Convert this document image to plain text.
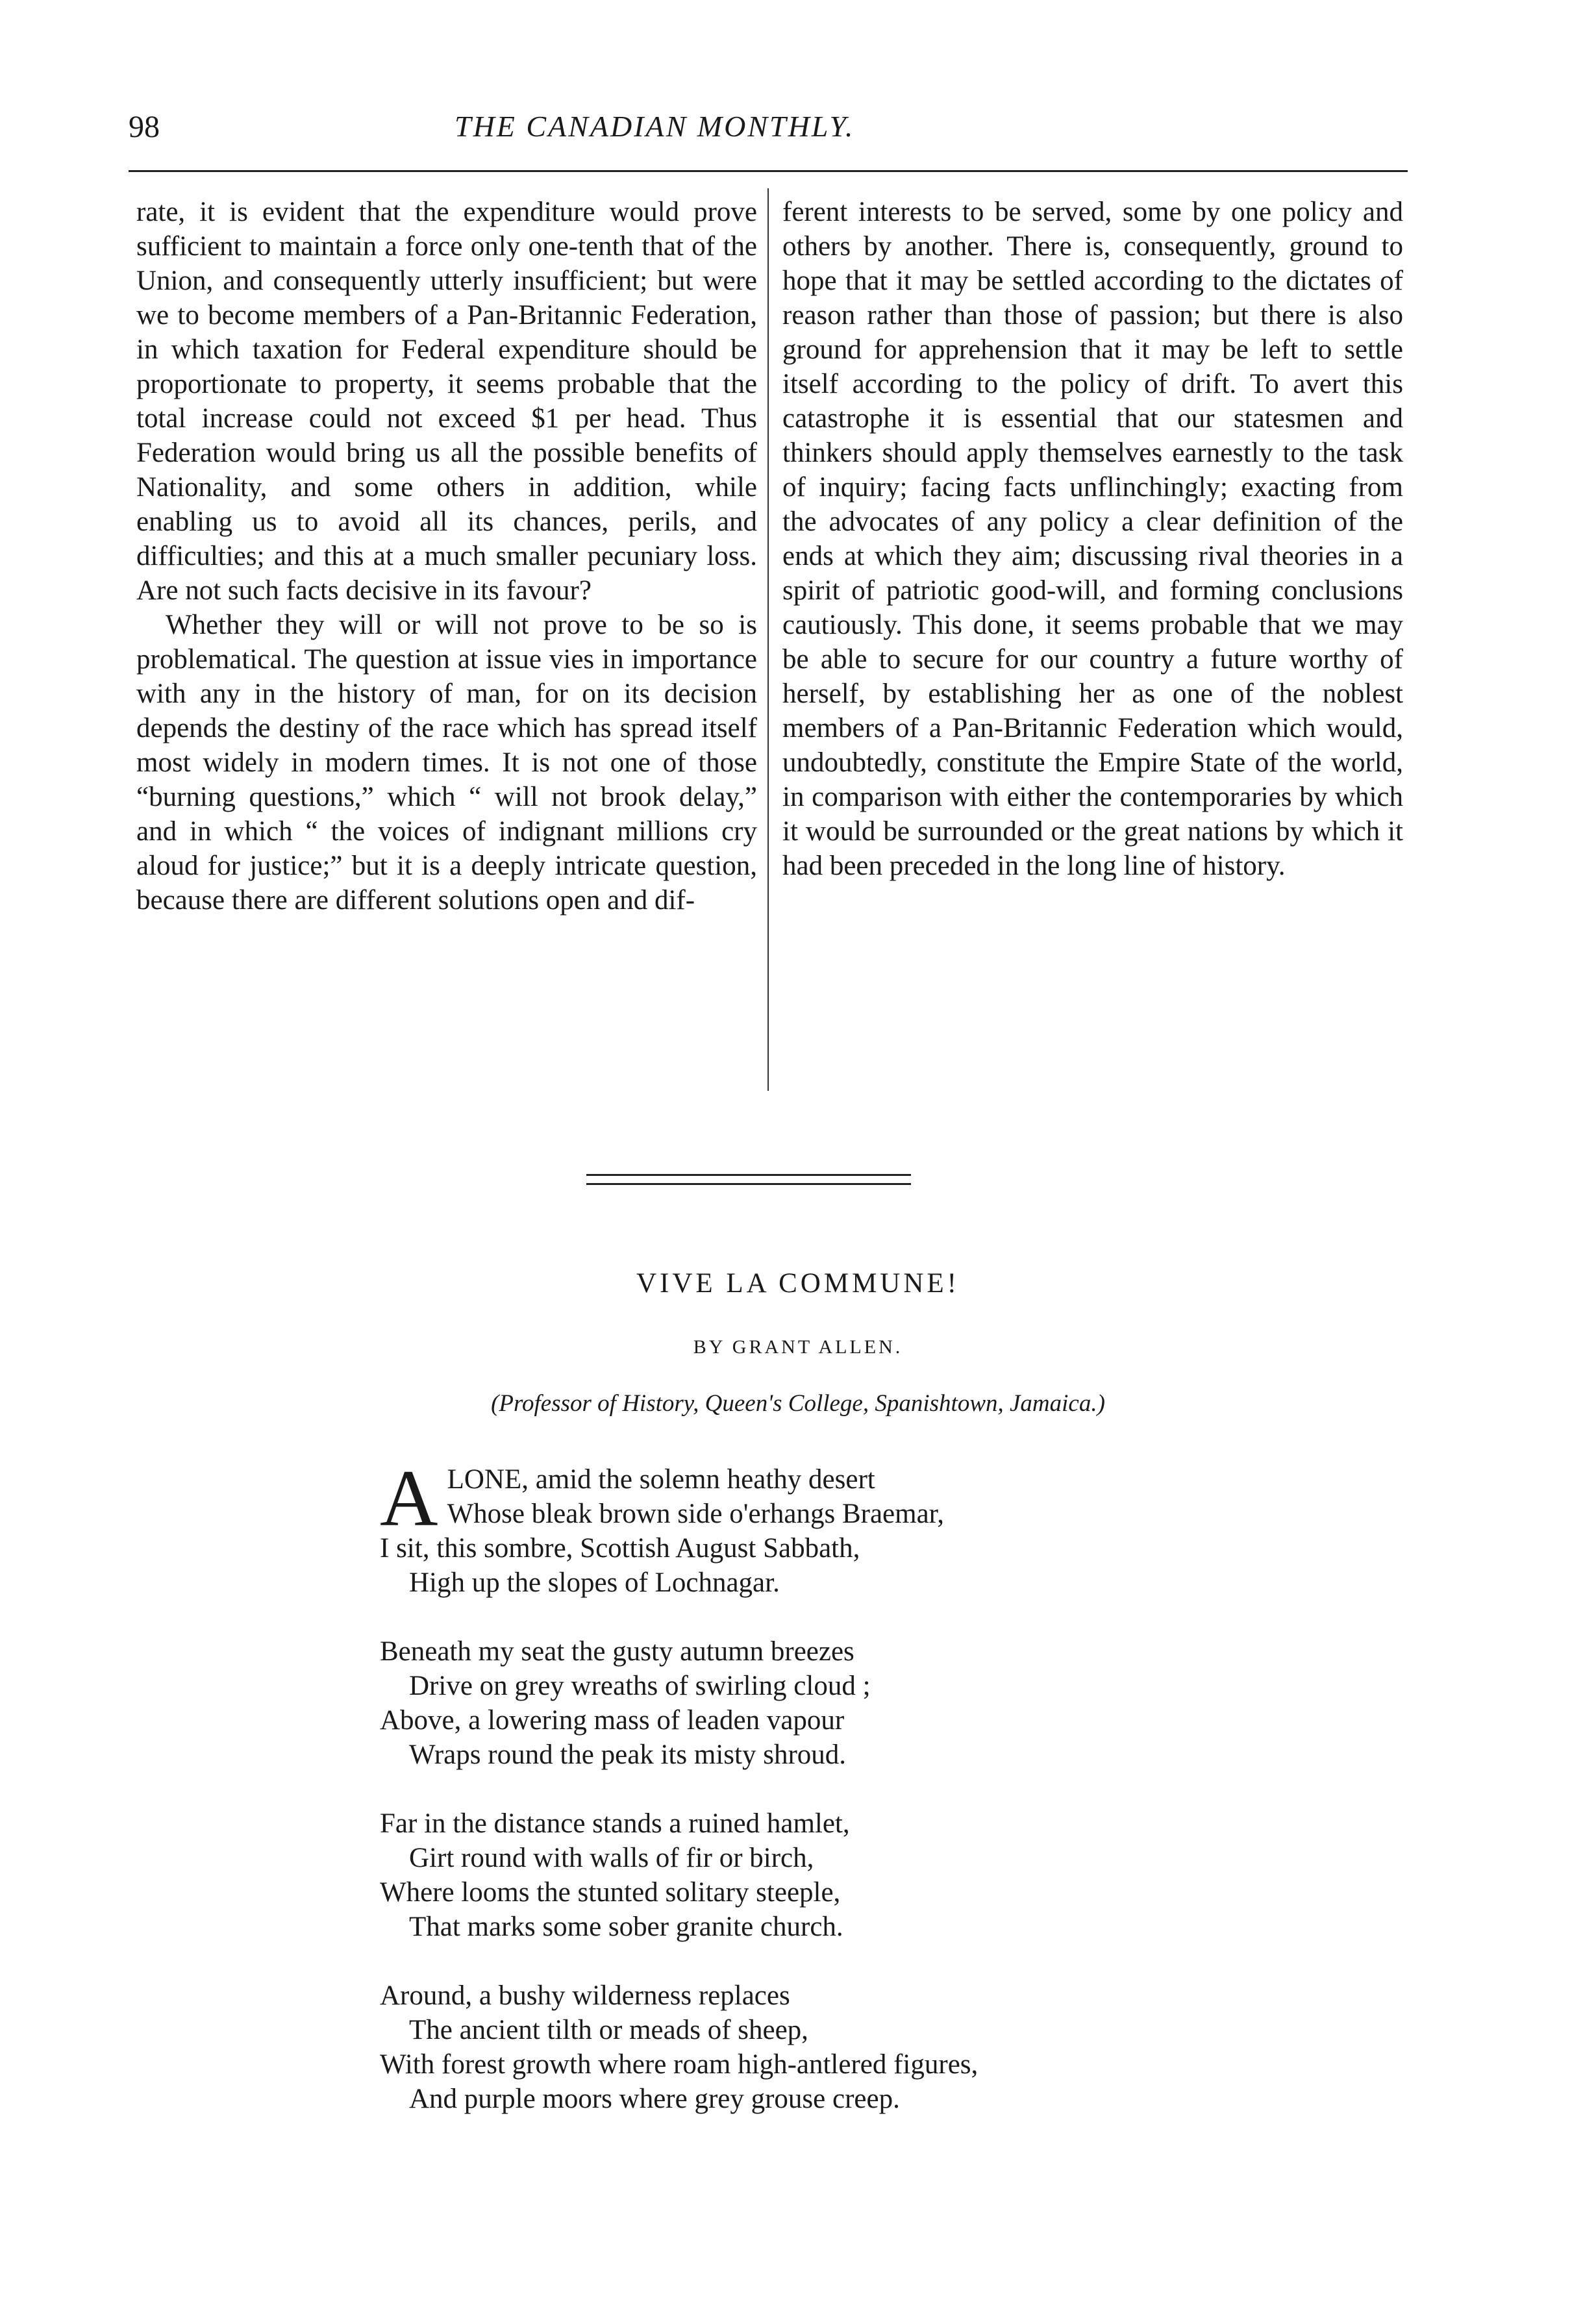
98	THE CANADIAN MONTHLY.

rate, it is evident that the expenditure would prove sufficient to maintain a force only one-tenth that of the Union, and consequently utterly insufficient; but were we to become members of a Pan-Britannic Federation, in which taxation for Federal expenditure should be proportionate to property, it seems probable that the total increase could not exceed $1 per head. Thus Federation would bring us all the possible benefits of Nationality, and some others in addition, while enabling us to avoid all its chances, perils, and difficulties; and this at a much smaller pecuniary loss. Are not such facts decisive in its favour?

Whether they will or will not prove to be so is problematical. The question at issue vies in importance with any in the history of man, for on its decision depends the destiny of the race which has spread itself most widely in modern times. It is not one of those “burning questions,” which “ will not brook delay,” and in which “ the voices of indignant millions cry aloud for justice;” but it is a deeply intricate question, because there are different solutions open and dif-

ferent interests to be served, some by one policy and others by another. There is, consequently, ground to hope that it may be settled according to the dictates of reason rather than those of passion; but there is also ground for apprehension that it may be left to settle itself according to the policy of drift. To avert this catastrophe it is essential that our statesmen and thinkers should apply themselves earnestly to the task of inquiry; facing facts unflinchingly; exacting from the advocates of any policy a clear definition of the ends at which they aim; discussing rival theories in a spirit of patriotic good-will, and forming conclusions cautiously. This done, it seems probable that we may be able to secure for our country a future worthy of herself, by establishing her as one of the noblest members of a Pan-Britannic Federation which would, undoubtedly, constitute the Empire State of the world, in comparison with either the contemporaries by which it would be surrounded or the great nations by which it had been preceded in the long line of history.

VIVE LA COMMUNE!
BY GRANT ALLEN.
(Professor of History, Queen's College, Spanishtown, Jamaica.)
A LONE, amid the solemn heathy desert
Whose bleak brown side o'erhangs Braemar,
I sit, this sombre, Scottish August Sabbath,
High up the slopes of Lochnagar.
Beneath my seat the gusty autumn breezes
Drive on grey wreaths of swirling cloud ;
Above, a lowering mass of leaden vapour
Wraps round the peak its misty shroud.
Far in the distance stands a ruined hamlet,
Girt round with walls of fir or birch,
Where looms the stunted solitary steeple,
That marks some sober granite church.
Around, a bushy wilderness replaces
The ancient tilth or meads of sheep,
With forest growth where roam high-antlered figures,
And purple moors where grey grouse creep.
